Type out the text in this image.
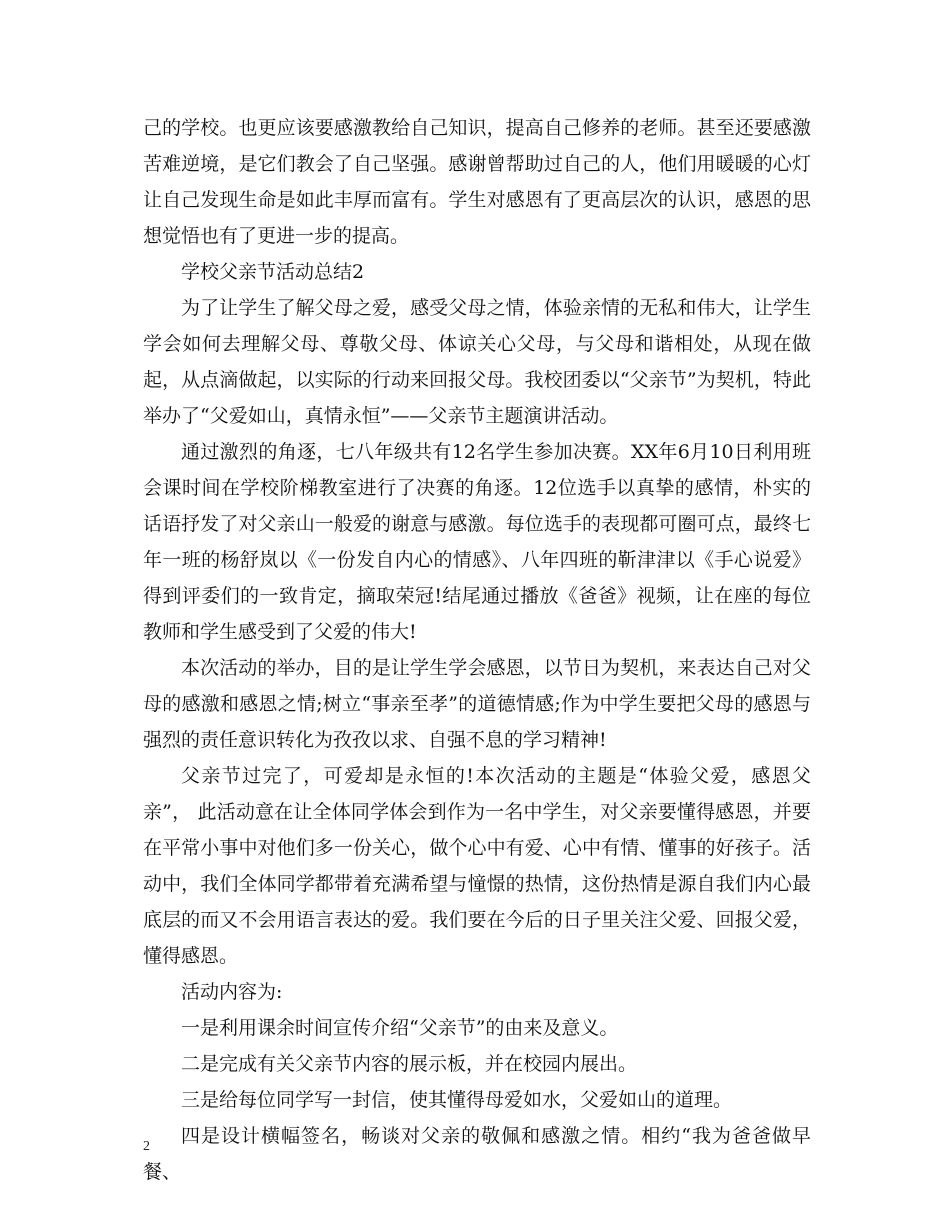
己的学校。也更应该要感激教给自己知识，提高自己修养的老师。甚至还要感激苦难逆境，是它们教会了自己坚强。感谢曾帮助过自己的人，他们用暖暖的心灯让自己发现生命是如此丰厚而富有。学生对感恩有了更高层次的认识，感恩的思想觉悟也有了更进一步的提高。

学校父亲节活动总结2

为了让学生了解父母之爱，感受父母之情，体验亲情的无私和伟大，让学生学会如何去理解父母、尊敬父母、体谅关心父母，与父母和谐相处，从现在做起，从点滴做起，以实际的行动来回报父母。我校团委以“父亲节”为契机，特此举办了“父爱如山，真情永恒”——父亲节主题演讲活动。

通过激烈的角逐，七八年级共有12名学生参加决赛。XX年6月10日利用班会课时间在学校阶梯教室进行了决赛的角逐。12位选手以真挚的感情，朴实的话语抒发了对父亲山一般爱的谢意与感激。每位选手的表现都可圈可点，最终七年一班的杨舒岚以《一份发自内心的情感》、八年四班的靳津津以《手心说爱》得到评委们的一致肯定，摘取荣冠!结尾通过播放《爸爸》视频，让在座的每位教师和学生感受到了父爱的伟大!

本次活动的举办，目的是让学生学会感恩，以节日为契机，来表达自己对父母的感激和感恩之情;树立“事亲至孝”的道德情感;作为中学生要把父母的感恩与强烈的责任意识转化为孜孜以求、自强不息的学习精神!

父亲节过完了，可爱却是永恒的!本次活动的主题是“体验父爱，感恩父亲”， 此活动意在让全体同学体会到作为一名中学生，对父亲要懂得感恩，并要在平常小事中对他们多一份关心，做个心中有爱、心中有情、懂事的好孩子。活动中，我们全体同学都带着充满希望与憧憬的热情，这份热情是源自我们内心最底层的而又不会用语言表达的爱。我们要在今后的日子里关注父爱、回报父爱，懂得感恩。

活动内容为:

一是利用课余时间宣传介绍“父亲节”的由来及意义。

二是完成有关父亲节内容的展示板，并在校园内展出。

三是给每位同学写一封信，使其懂得母爱如水，父爱如山的道理。

四是设计横幅签名，畅谈对父亲的敬佩和感激之情。相约“我为爸爸做早餐、

2
